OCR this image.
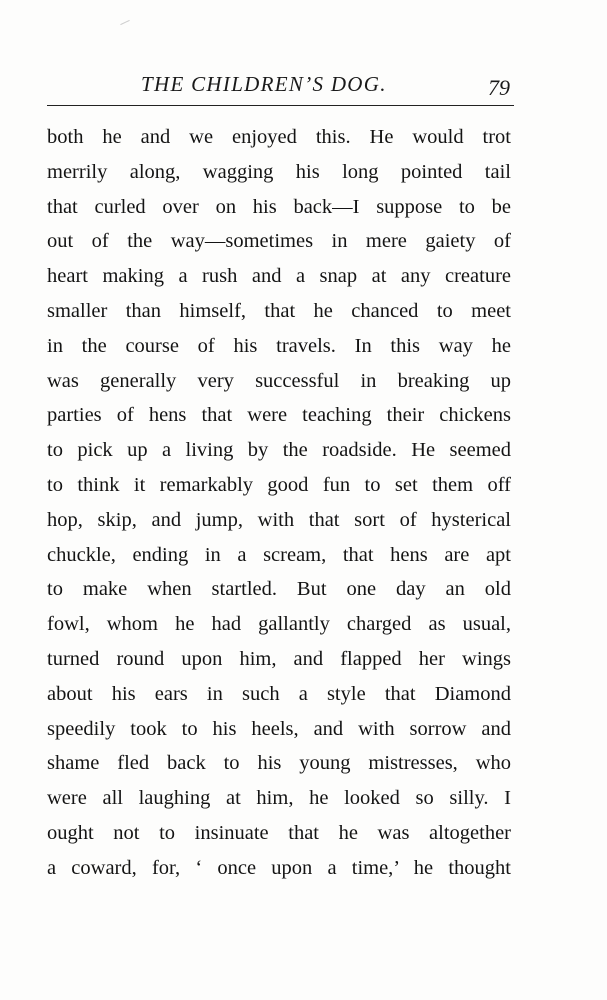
THE CHILDREN’S DOG.	79
both he and we enjoyed this. He would trot
merrily along, wagging his long pointed tail
that curled over on his back—I suppose to be
out of the way—sometimes in mere gaiety of
heart making a rush and a snap at any creature
smaller than himself, that he chanced to meet
in the course of his travels. In this way he
was generally very successful in breaking up
parties of hens that were teaching their chickens
to pick up a living by the roadside. He seemed
to think it remarkably good fun to set them off
hop, skip, and jump, with that sort of hysterical
chuckle, ending in a scream, that hens are apt
to make when startled. But one day an old
fowl, whom he had gallantly charged as usual,
turned round upon him, and flapped her wings
about his ears in such a style that Diamond
speedily took to his heels, and with sorrow and
shame fled back to his young mistresses, who
were all laughing at him, he looked so silly. I
ought not to insinuate that he was altogether
a coward, for, ‘ once upon a time,’ he thought
